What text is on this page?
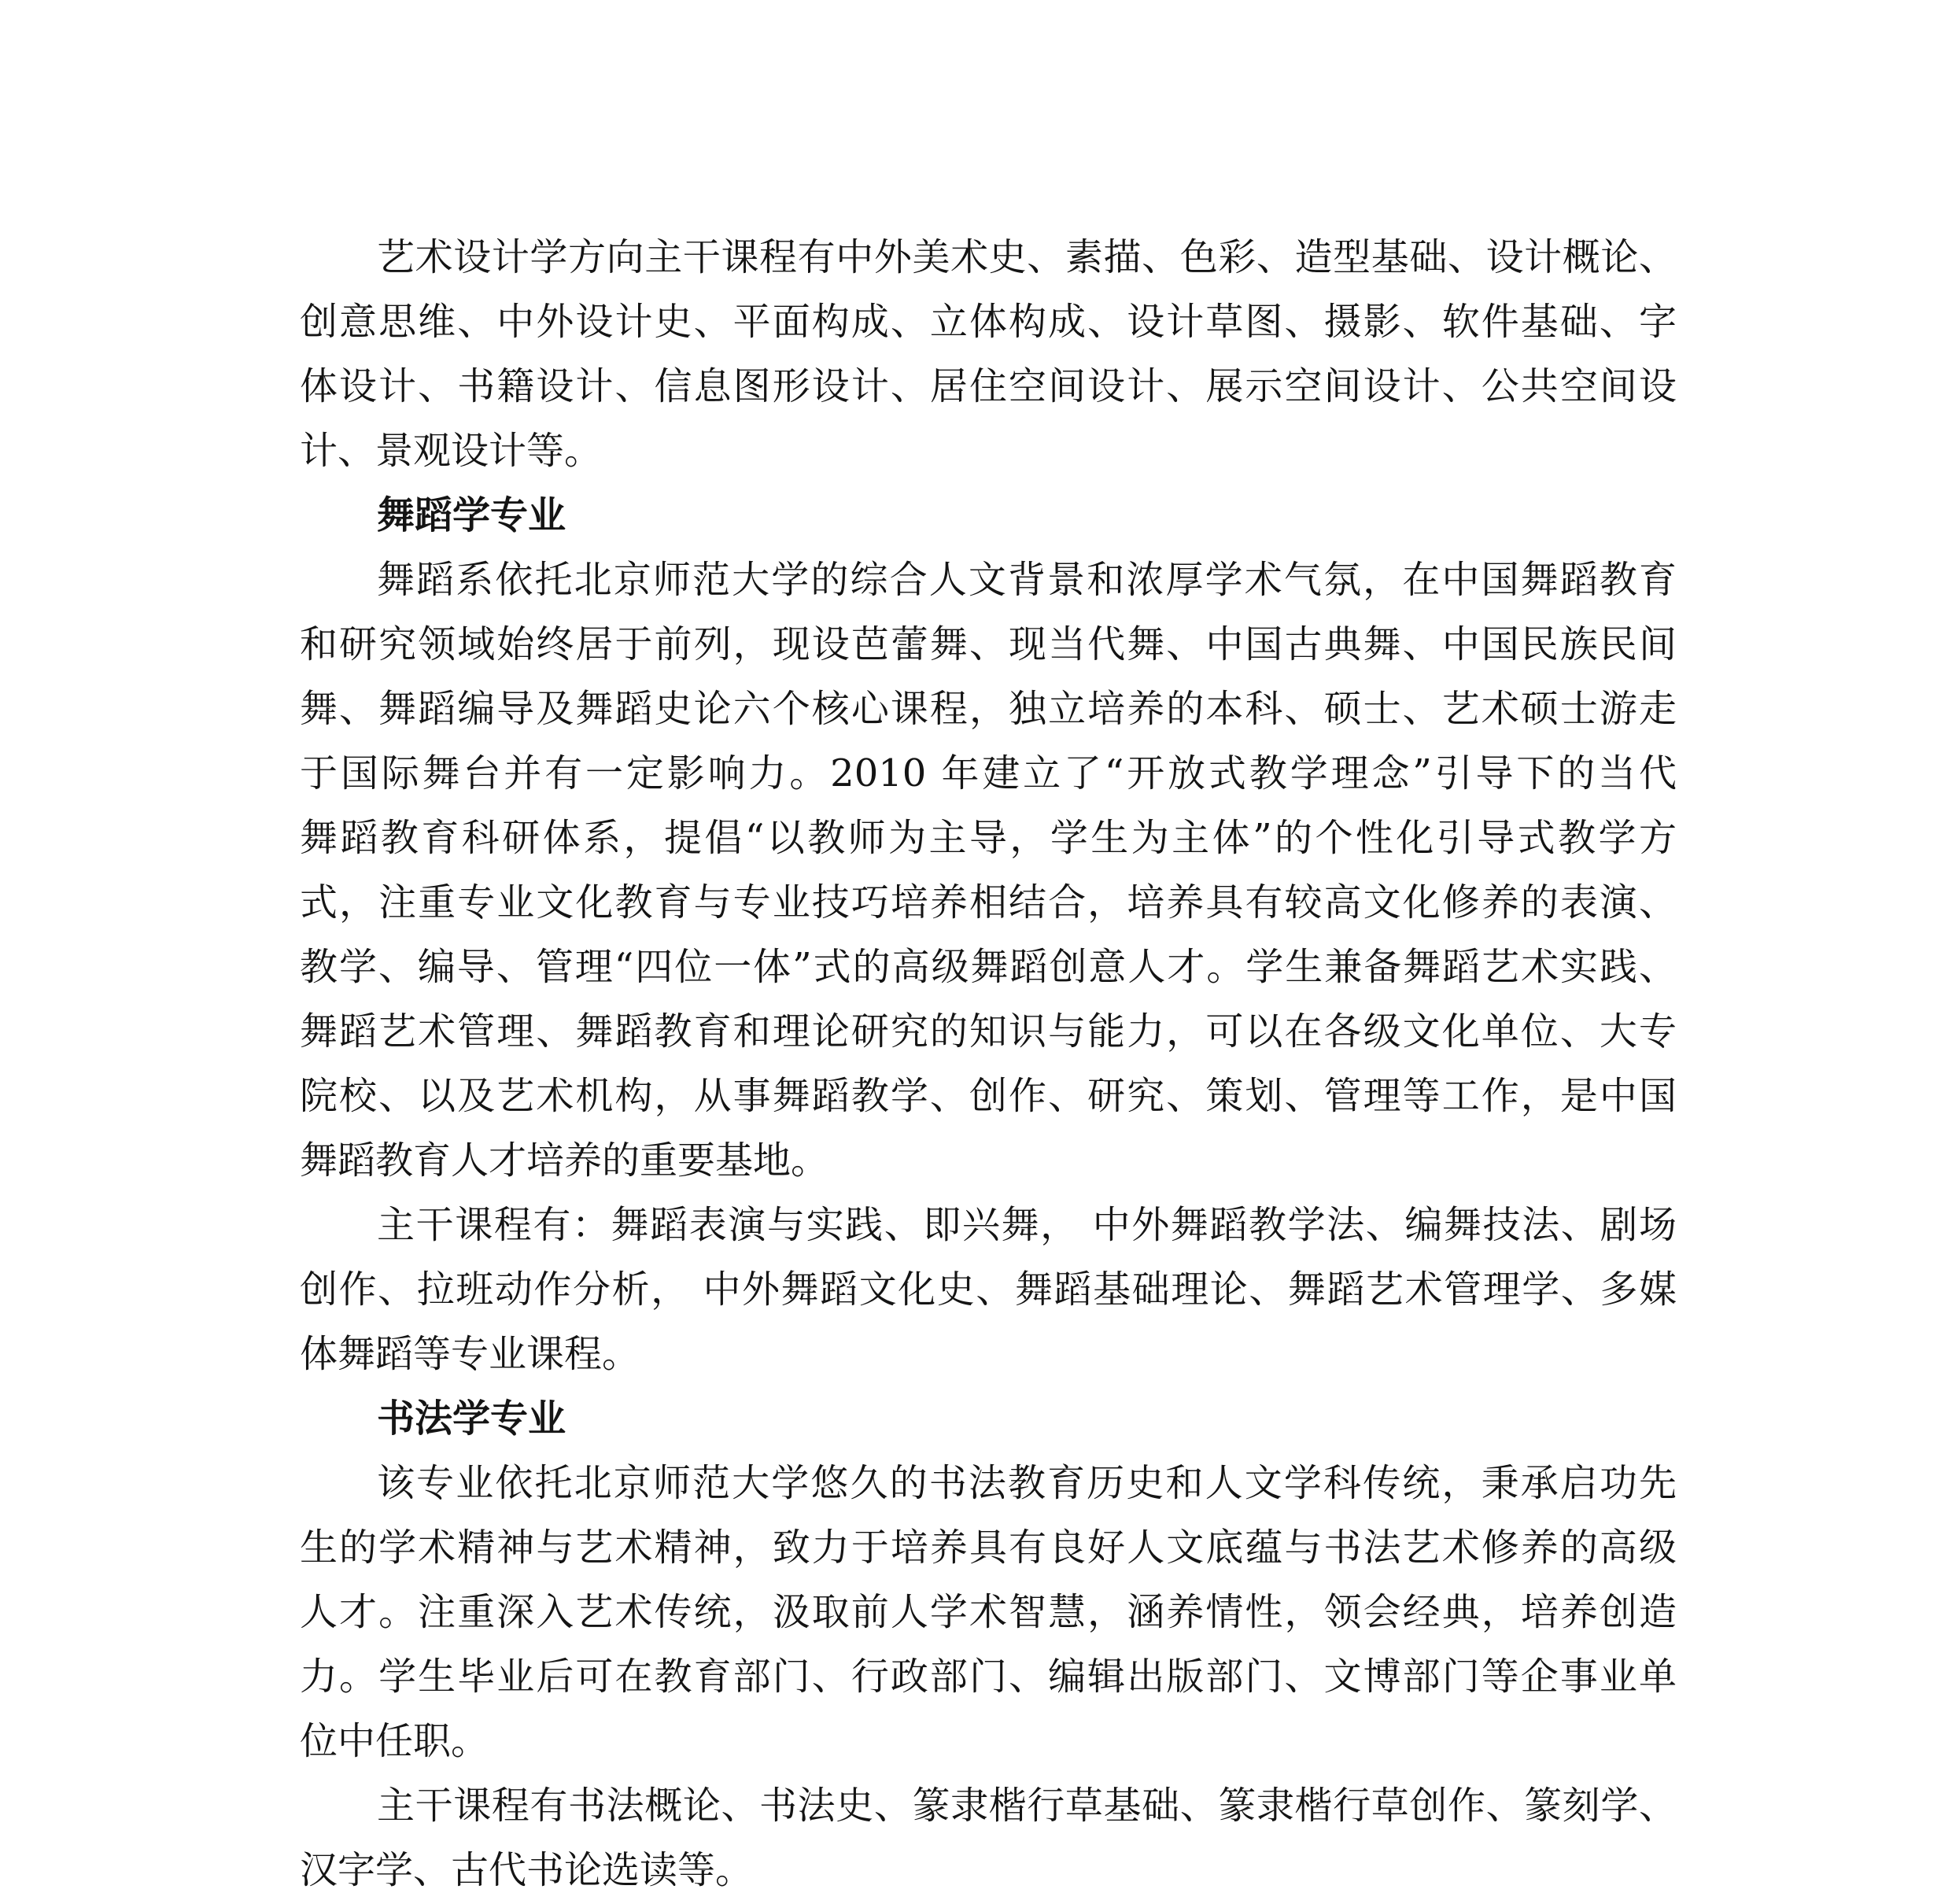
艺术设计学方向主干课程有中外美术史、素描、色彩、造型基础、设计概论、
创意思维、中外设计史、平面构成、立体构成、设计草图、摄影、软件基础、字
体设计、书籍设计、信息图形设计、居住空间设计、展示空间设计、公共空间设
计、景观设计等。
舞蹈学专业
舞蹈系依托北京师范大学的综合人文背景和浓厚学术气氛，在中国舞蹈教育
和研究领域始终居于前列，现设芭蕾舞、现当代舞、中国古典舞、中国民族民间
舞、舞蹈编导及舞蹈史论六个核心课程，独立培养的本科、硕士、艺术硕士游走
于国际舞台并有一定影响力。2010 年建立了“开放式教学理念”引导下的当代
舞蹈教育科研体系，提倡“以教师为主导，学生为主体”的个性化引导式教学方
式，注重专业文化教育与专业技巧培养相结合，培养具有较高文化修养的表演、
教学、编导、管理“四位一体”式的高级舞蹈创意人才。学生兼备舞蹈艺术实践、
舞蹈艺术管理、舞蹈教育和理论研究的知识与能力，可以在各级文化单位、大专
院校、以及艺术机构，从事舞蹈教学、创作、研究、策划、管理等工作，是中国
舞蹈教育人才培养的重要基地。
主干课程有：舞蹈表演与实践、即兴舞， 中外舞蹈教学法、编舞技法、剧场
创作、拉班动作分析， 中外舞蹈文化史、舞蹈基础理论、舞蹈艺术管理学、多媒
体舞蹈等专业课程。
书法学专业
该专业依托北京师范大学悠久的书法教育历史和人文学科传统，秉承启功先
生的学术精神与艺术精神，致力于培养具有良好人文底蕴与书法艺术修养的高级
人才。注重深入艺术传统，汲取前人学术智慧，涵养情性，领会经典，培养创造
力。学生毕业后可在教育部门、行政部门、编辑出版部门、文博部门等企事业单
位中任职。
主干课程有书法概论、书法史、篆隶楷行草基础、篆隶楷行草创作、篆刻学、
汉字学、古代书论选读等。
